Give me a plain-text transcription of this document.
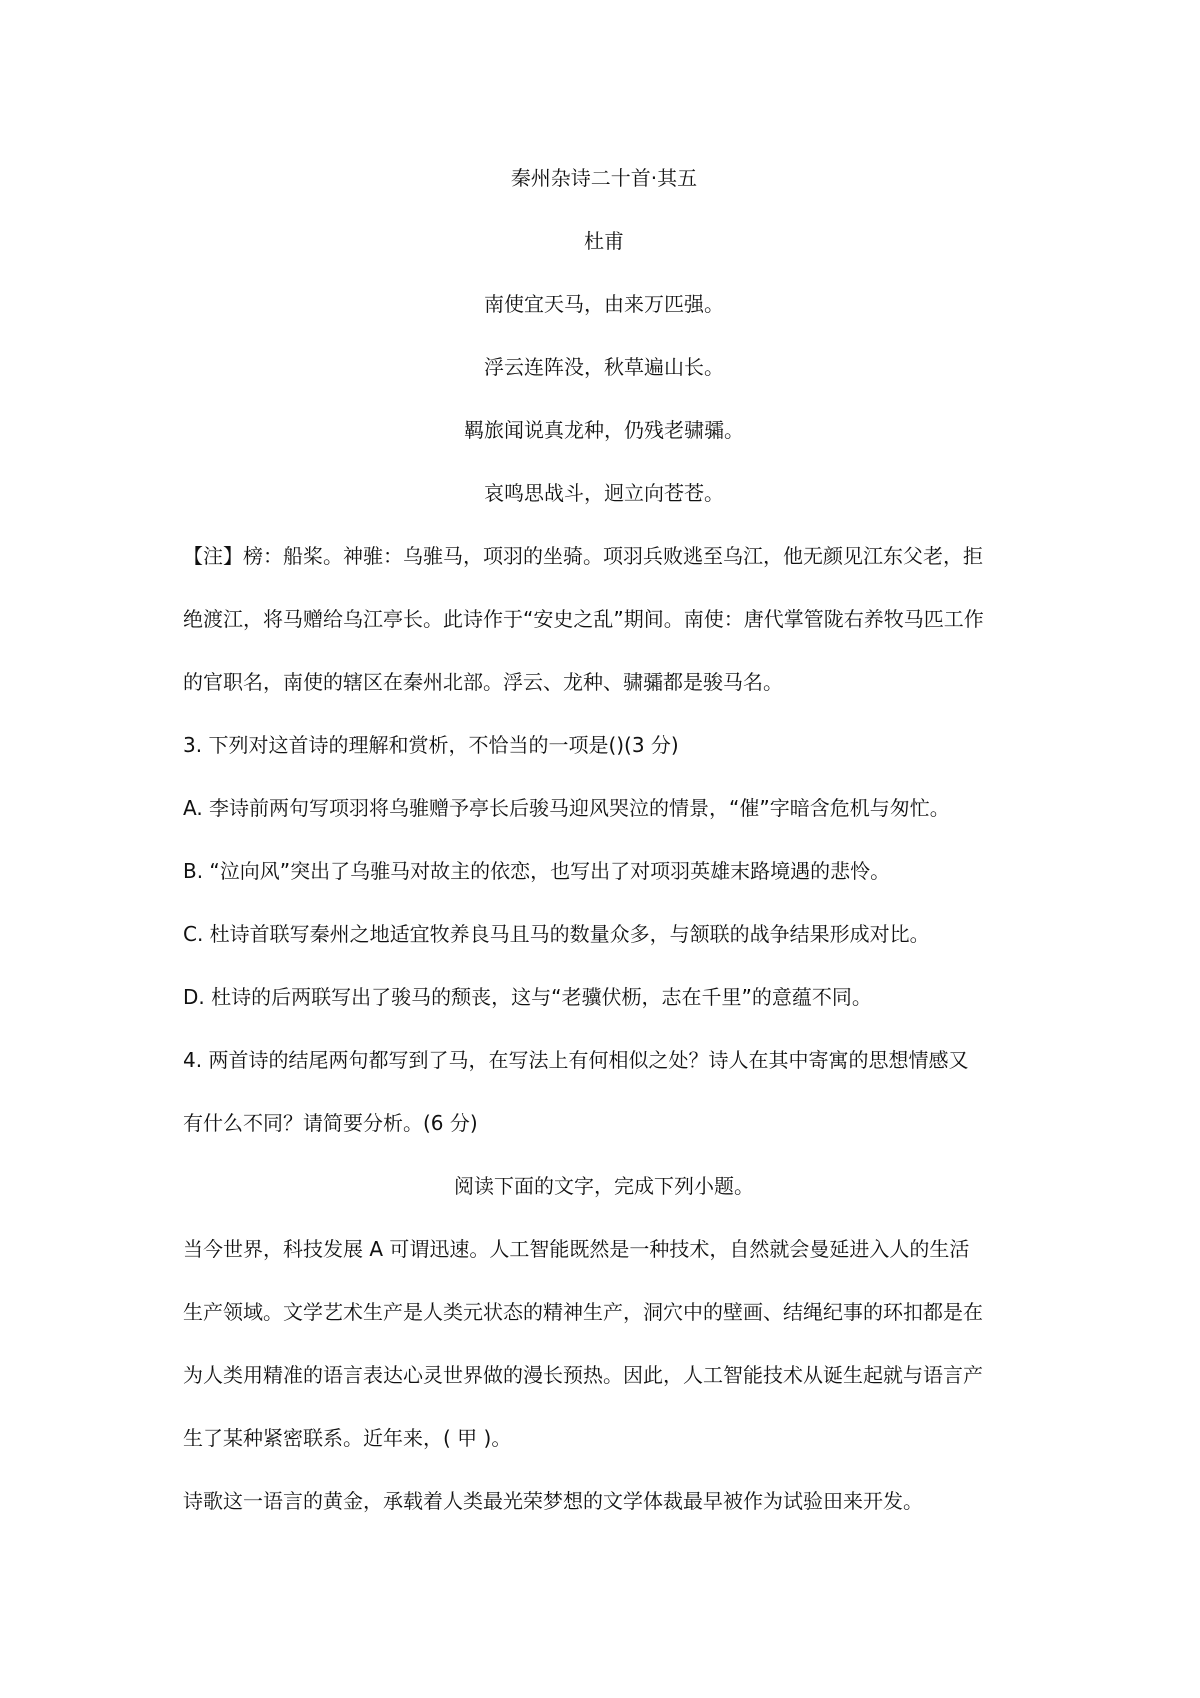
秦州杂诗二十首·其五
杜甫
南使宜天马，由来万匹强。
浮云连阵没，秋草遍山长。
羁旅闻说真龙种，仍残老骕骦。
哀鸣思战斗，迥立向苍苍。
【注】榜：船桨。神骓：乌骓马，项羽的坐骑。项羽兵败逃至乌江，他无颜见江东父老，拒
绝渡江，将马赠给乌江亭长。此诗作于“安史之乱”期间。南使：唐代掌管陇右养牧马匹工作
的官职名，南使的辖区在秦州北部。浮云、龙种、骕骦都是骏马名。
3. 下列对这首诗的理解和赏析，不恰当的一项是()(3 分)
A. 李诗前两句写项羽将乌骓赠予亭长后骏马迎风哭泣的情景，“催”字暗含危机与匆忙。
B. “泣向风”突出了乌骓马对故主的依恋，也写出了对项羽英雄末路境遇的悲怜。
C. 杜诗首联写秦州之地适宜牧养良马且马的数量众多，与颔联的战争结果形成对比。
D. 杜诗的后两联写出了骏马的颓丧，这与“老骥伏枥，志在千里”的意蕴不同。
4. 两首诗的结尾两句都写到了马，在写法上有何相似之处？诗人在其中寄寓的思想情感又
有什么不同？请简要分析。(6 分)
阅读下面的文字，完成下列小题。
当今世界，科技发展 A 可谓迅速。人工智能既然是一种技术，自然就会曼延进入人的生活
生产领域。文学艺术生产是人类元状态的精神生产，洞穴中的壁画、结绳纪事的环扣都是在
为人类用精准的语言表达心灵世界做的漫长预热。因此，人工智能技术从诞生起就与语言产
生了某种紧密联系。近年来，( 甲 )。
诗歌这一语言的黄金，承载着人类最光荣梦想的文学体裁最早被作为试验田来开发。
